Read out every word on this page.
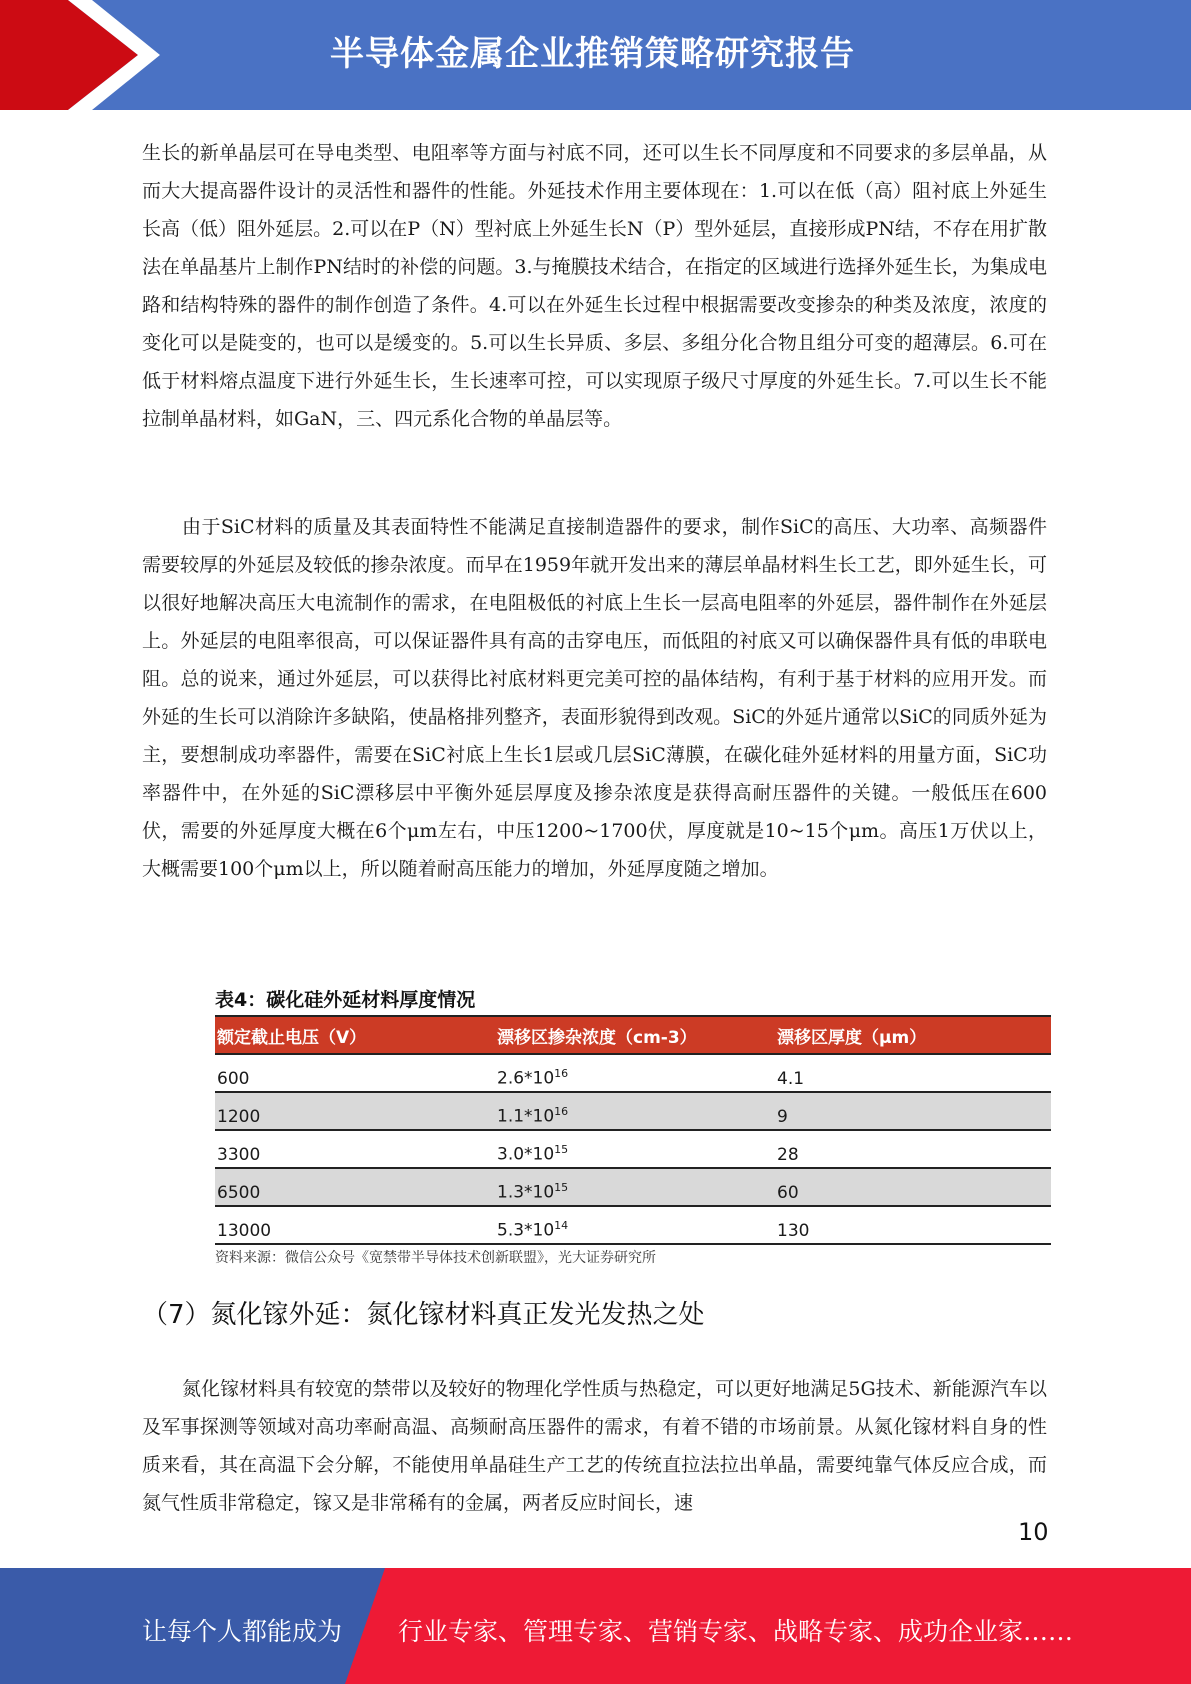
半导体金属企业推销策略研究报告

生长的新单晶层可在导电类型、电阻率等方面与衬底不同，还可以生长不同厚度和不同要求的多层单晶，从而大大提高器件设计的灵活性和器件的性能。外延技术作用主要体现在：1.可以在低（高）阻衬底上外延生长高（低）阻外延层。2.可以在P（N）型衬底上外延生长N（P）型外延层，直接形成PN结，不存在用扩散法在单晶基片上制作PN结时的补偿的问题。3.与掩膜技术结合，在指定的区域进行选择外延生长，为集成电路和结构特殊的器件的制作创造了条件。4.可以在外延生长过程中根据需要改变掺杂的种类及浓度，浓度的变化可以是陡变的，也可以是缓变的。5.可以生长异质、多层、多组分化合物且组分可变的超薄层。6.可在低于材料熔点温度下进行外延生长，生长速率可控，可以实现原子级尺寸厚度的外延生长。7.可以生长不能拉制单晶材料，如GaN，三、四元系化合物的单晶层等。

由于SiC材料的质量及其表面特性不能满足直接制造器件的要求，制作SiC的高压、大功率、高频器件需要较厚的外延层及较低的掺杂浓度。而早在1959年就开发出来的薄层单晶材料生长工艺，即外延生长，可以很好地解决高压大电流制作的需求，在电阻极低的衬底上生长一层高电阻率的外延层，器件制作在外延层上。外延层的电阻率很高，可以保证器件具有高的击穿电压，而低阻的衬底又可以确保器件具有低的串联电阻。总的说来，通过外延层，可以获得比衬底材料更完美可控的晶体结构，有利于基于材料的应用开发。而外延的生长可以消除许多缺陷，使晶格排列整齐，表面形貌得到改观。SiC的外延片通常以SiC的同质外延为主，要想制成功率器件，需要在SiC衬底上生长1层或几层SiC薄膜，在碳化硅外延材料的用量方面，SiC功率器件中，在外延的SiC漂移层中平衡外延层厚度及掺杂浓度是获得高耐压器件的关键。一般低压在600伏，需要的外延厚度大概在6个μm左右，中压1200~1700伏，厚度就是10~15个μm。高压1万伏以上，大概需要100个μm以上，所以随着耐高压能力的增加，外延厚度随之增加。

表4：碳化硅外延材料厚度情况
额定截止电压（V）	漂移区掺杂浓度（cm-3）	漂移区厚度（μm）
600	$2.6*10^{16}$	4.1
1200	$1.1*10^{16}$	9
3300	$3.0*10^{15}$	28
6500	$1.3*10^{15}$	60
13000	$5.3*10^{14}$	130
资料来源：微信公众号《宽禁带半导体技术创新联盟》，光大证券研究所
（7）氮化镓外延：氮化镓材料真正发光发热之处

氮化镓材料具有较宽的禁带以及较好的物理化学性质与热稳定，可以更好地满足5G技术、新能源汽车以及军事探测等领域对高功率耐高温、高频耐高压器件的需求，有着不错的市场前景。从氮化镓材料自身的性质来看，其在高温下会分解，不能使用单晶硅生产工艺的传统直拉法拉出单晶，需要纯靠气体反应合成，而氮气性质非常稳定，镓又是非常稀有的金属，两者反应时间长，速

10
让每个人都能成为 行业专家、管理专家、营销专家、战略专家、成功企业家……
